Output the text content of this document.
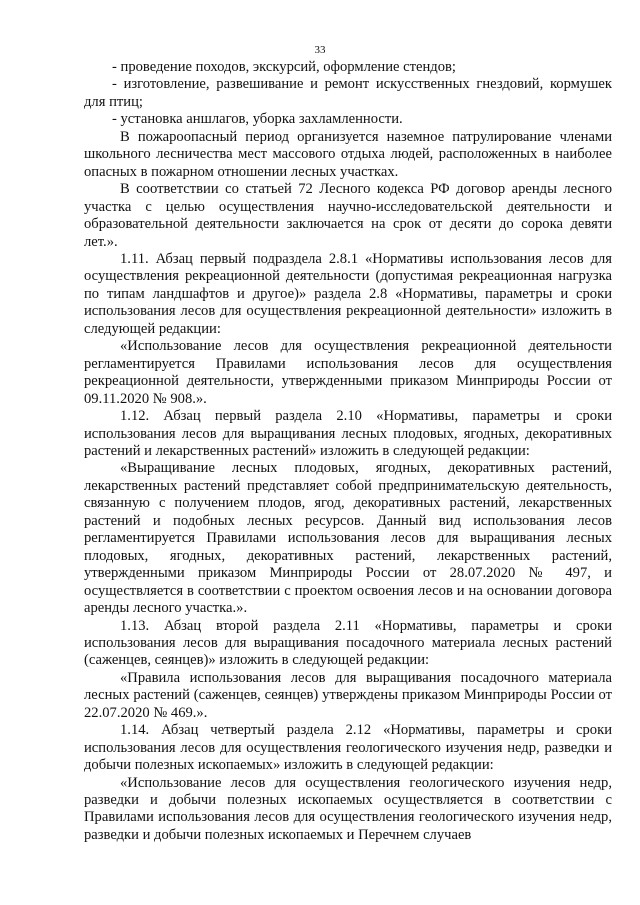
33

- проведение походов, экскурсий, оформление стендов;

- изготовление, развешивание и ремонт искусственных гнездовий, кормушек для птиц;

- установка аншлагов, уборка захламленности.

В пожароопасный период организуется наземное патрулирование членами школьного лесничества мест массового отдыха людей, расположенных в наиболее опасных в пожарном отношении лесных участках.

В соответствии со статьей 72 Лесного кодекса РФ договор аренды лесного участка с целью осуществления научно-исследовательской деятельности и образовательной деятельности заключается на срок от десяти до сорока девяти лет.».

1.11. Абзац первый подраздела 2.8.1 «Нормативы использования лесов для осуществления рекреационной деятельности (допустимая рекреационная нагрузка по типам ландшафтов и другое)» раздела 2.8 «Нормативы, параметры и сроки использования лесов для осуществления рекреационной деятельности» изложить в следующей редакции:

«Использование лесов для осуществления рекреационной деятельности регламентируется Правилами использования лесов для осуществления рекреационной деятельности, утвержденными приказом Минприроды России от 09.11.2020 № 908.».

1.12. Абзац первый раздела 2.10 «Нормативы, параметры и сроки использования лесов для выращивания лесных плодовых, ягодных, декоративных растений и лекарственных растений» изложить в следующей редакции:

«Выращивание лесных плодовых, ягодных, декоративных растений, лекарственных растений представляет собой предпринимательскую деятельность, связанную с получением плодов, ягод, декоративных растений, лекарственных растений и подобных лесных ресурсов. Данный вид использования лесов регламентируется Правилами использования лесов для выращивания лесных плодовых, ягодных, декоративных растений, лекарственных растений, утвержденными приказом Минприроды России от 28.07.2020 № 497, и осуществляется в соответствии с проектом освоения лесов и на основании договора аренды лесного участка.».

1.13. Абзац второй раздела 2.11 «Нормативы, параметры и сроки использования лесов для выращивания посадочного материала лесных растений (саженцев, сеянцев)» изложить в следующей редакции:

«Правила использования лесов для выращивания посадочного материала лесных растений (саженцев, сеянцев) утверждены приказом Минприроды России от 22.07.2020 № 469.».

1.14. Абзац четвертый раздела 2.12 «Нормативы, параметры и сроки использования лесов для осуществления геологического изучения недр, разведки и добычи полезных ископаемых» изложить в следующей редакции:

«Использование лесов для осуществления геологического изучения недр, разведки и добычи полезных ископаемых осуществляется в соответствии с Правилами использования лесов для осуществления геологического изучения недр, разведки и добычи полезных ископаемых и Перечнем случаев
